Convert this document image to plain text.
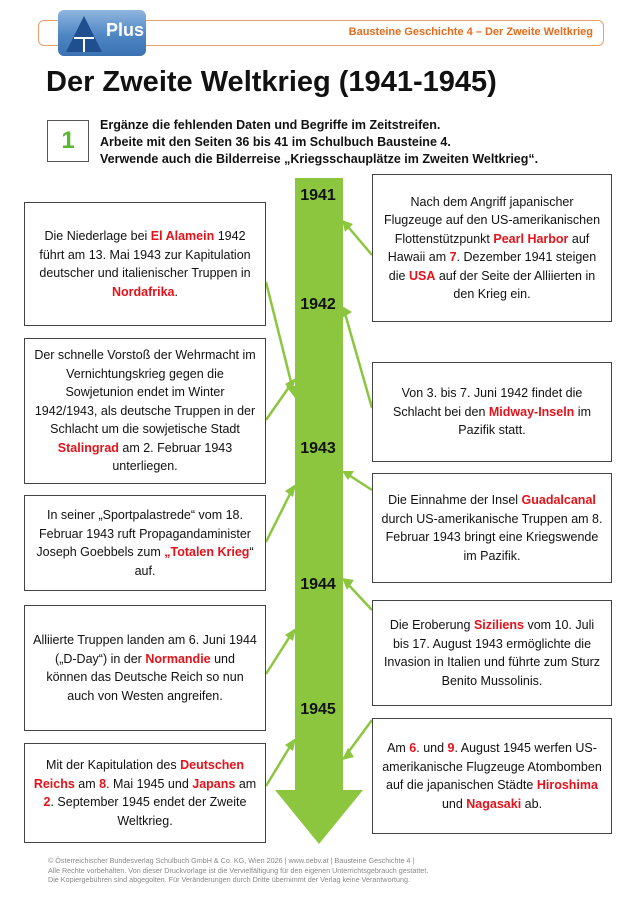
Bausteine Geschichte 4 – Der Zweite Weltkrieg
Plus
Der Zweite Weltkrieg (1941-1945)
1
Ergänze die fehlenden Daten und Begriffe im Zeitstreifen.
Arbeite mit den Seiten 36 bis 41 im Schulbuch Bausteine 4.
Verwende auch die Bilderreise „Kriegsschauplätze im Zweiten Weltkrieg“.
1941
1942
1943
1944
1945
Die Niederlage bei El Alamein 1942 führt am 13. Mai 1943 zur Kapitulation deutscher und italienischer Truppen in Nordafrika.
Der schnelle Vorstoß der Wehrmacht im Vernichtungskrieg gegen die Sowjetunion endet im Winter 1942/1943, als deutsche Truppen in der Schlacht um die sowjetische Stadt Stalingrad am 2. Februar 1943 unterliegen.
In seiner „Sportpalastrede“ vom 18. Februar 1943 ruft Propagandaminister Joseph Goebbels zum „Totalen Krieg“ auf.
Alliierte Truppen landen am 6. Juni 1944 („D-Day“) in der Normandie und können das Deutsche Reich so nun auch von Westen angreifen.
Mit der Kapitulation des Deutschen Reichs am 8. Mai 1945 und Japans am 2. September 1945 endet der Zweite Weltkrieg.
Nach dem Angriff japanischer Flugzeuge auf den US-amerikanischen Flottenstützpunkt Pearl Harbor auf Hawaii am 7. Dezember 1941 steigen die USA auf der Seite der Alliierten in den Krieg ein.
Von 3. bis 7. Juni 1942 findet die Schlacht bei den Midway-Inseln im Pazifik statt.
Die Einnahme der Insel Guadalcanal durch US-amerikanische Truppen am 8. Februar 1943 bringt eine Kriegswende im Pazifik.
Die Eroberung Siziliens vom 10. Juli bis 17. August 1943 ermöglichte die Invasion in Italien und führte zum Sturz Benito Mussolinis.
Am 6. und 9. August 1945 werfen US-amerikanische Flugzeuge Atombomben auf die japanischen Städte Hiroshima und Nagasaki ab.
© Österreichischer Bundesverlag Schulbuch GmbH & Co. KG, Wien 2026 | www.oebv.at | Bausteine Geschichte 4 |
Alle Rechte vorbehalten. Von dieser Druckvorlage ist die Vervielfältigung für den eigenen Unterrichtsgebrauch gestattet.
Die Kopiergebühren sind abgegolten. Für Veränderungen durch Dritte übernimmt der Verlag keine Verantwortung.
